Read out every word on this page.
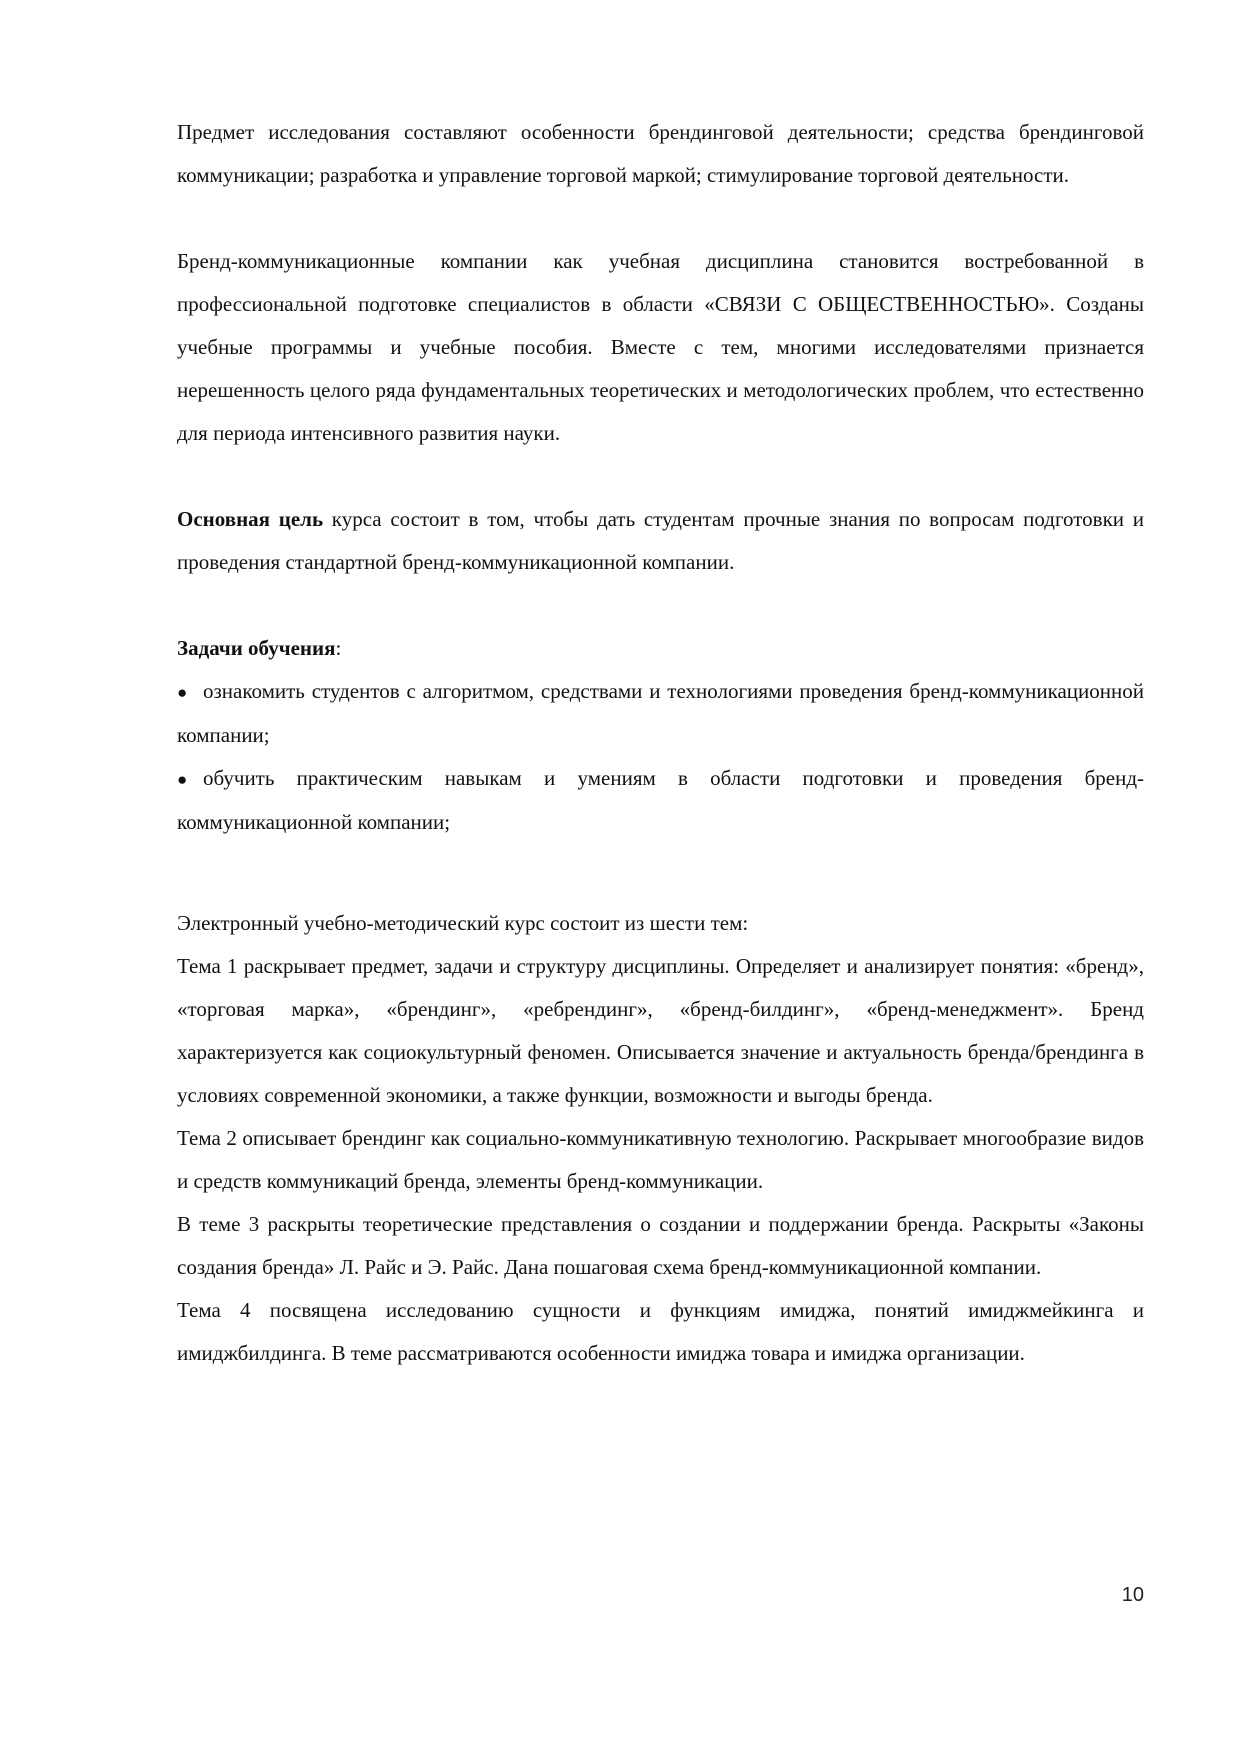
Предмет исследования составляют особенности брендинговой деятельности; средства брендинговой коммуникации; разработка и управление торговой маркой; стимулирование торговой деятельности.

Бренд-коммуникационные компании как учебная дисциплина становится востребованной в профессиональной подготовке специалистов в области «СВЯЗИ С ОБЩЕСТВЕННОСТЬЮ». Созданы учебные программы и учебные пособия. Вместе с тем, многими исследователями признается нерешенность целого ряда фундаментальных теоретических и методологических проблем, что естественно для периода интенсивного развития науки.

Основная цель курса состоит в том, чтобы дать студентам прочные знания по вопросам подготовки и проведения стандартной бренд-коммуникационной компании.

Задачи обучения:

● ознакомить студентов с алгоритмом, средствами и технологиями проведения бренд-коммуникационной компании;
● обучить практическим навыкам и умениям в области подготовки и проведения бренд-коммуникационной компании;

Электронный учебно-методический курс состоит из шести тем:

Тема 1 раскрывает предмет, задачи и структуру дисциплины. Определяет и анализирует понятия: «бренд», «торговая марка», «брендинг», «ребрендинг», «бренд-билдинг», «бренд-менеджмент». Бренд характеризуется как социокультурный феномен. Описывается значение и актуальность бренда/брендинга в условиях современной экономики, а также функции, возможности и выгоды бренда.

Тема 2 описывает брендинг как социально-коммуникативную технологию. Раскрывает многообразие видов и средств коммуникаций бренда, элементы бренд-коммуникации.

В теме 3 раскрыты теоретические представления о создании и поддержании бренда. Раскрыты «Законы создания бренда» Л. Райс и Э. Райс. Дана пошаговая схема бренд-коммуникационной компании.

Тема 4 посвящена исследованию сущности и функциям имиджа, понятий имиджмейкинга и имиджбилдинга. В теме рассматриваются особенности имиджа товара и имиджа организации.

10
